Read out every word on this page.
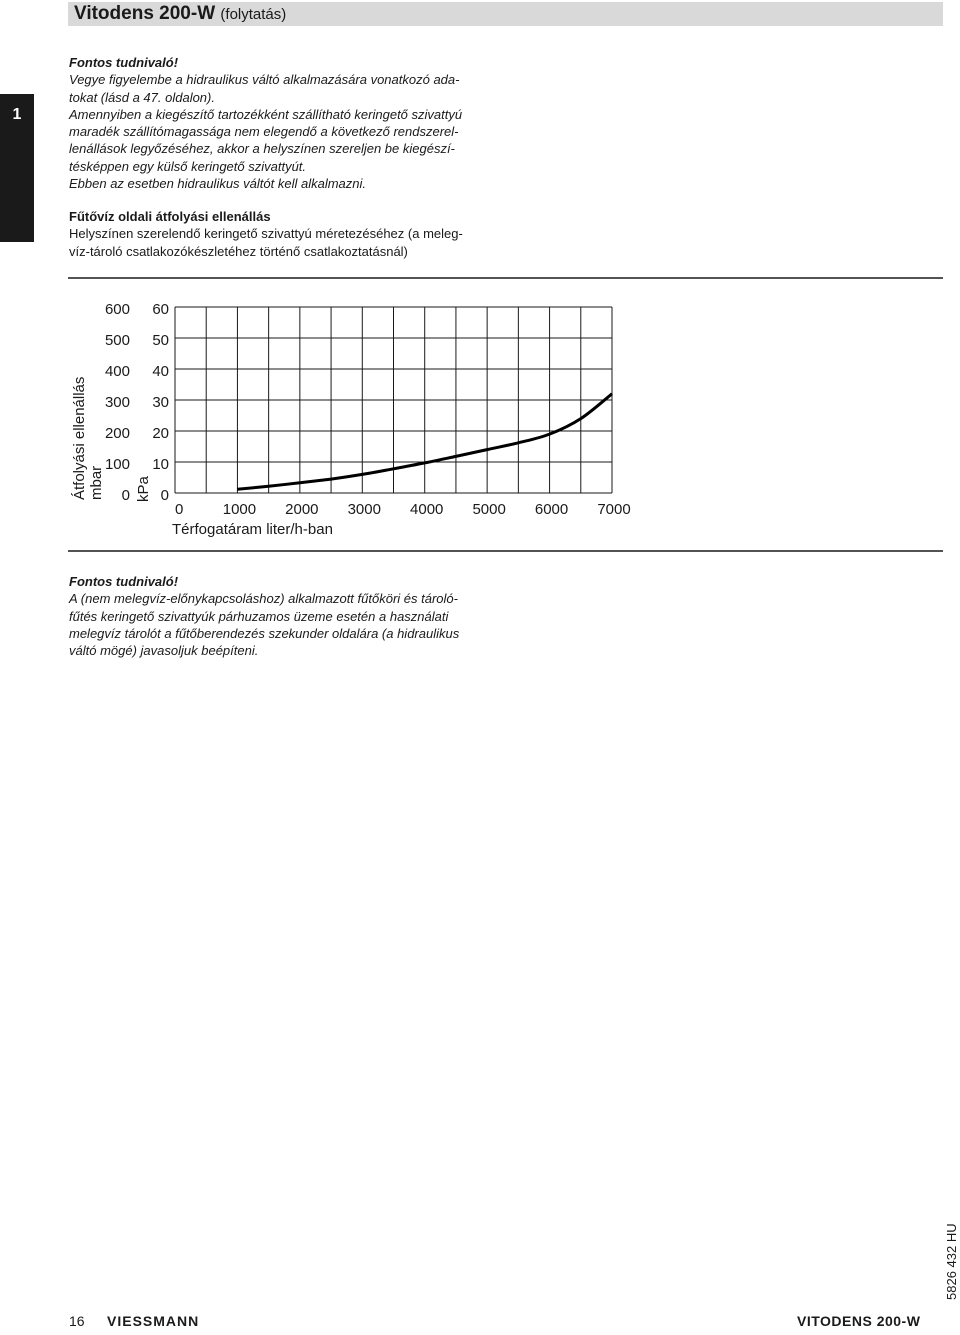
Vitodens 200-W (folytatás)
1
Fontos tudnivaló!
Vegye figyelembe a hidraulikus váltó alkalmazására vonatkozó ada-
tokat (lásd a 47. oldalon).
Amennyiben a kiegészítő tartozékként szállítható keringető szivattyú
maradék szállítómagassága nem elegendő a következő rendszerel-
lenállások legyőzéséhez, akkor a helyszínen szereljen be kiegészí-
tésképpen egy külső keringető szivattyút.
Ebben az esetben hidraulikus váltót kell alkalmazni.
Fűtővíz oldali átfolyási ellenállás
Helyszínen szerelendő keringető szivattyú méretezéséhez (a meleg-
víz-tároló csatlakozókészletéhez történő csatlakoztatásnál)
0	1000 2000 3000 4000 5000 6000 7000
0
100
200
300
400
500
600
0
10
20
30
40
50
60
Átfolyási ellenállás mbar kPa
Térfogatáram liter/h-ban
Fontos tudnivaló!
A (nem melegvíz-előnykapcsoláshoz) alkalmazott fűtőköri és tároló-
fűtés keringető szivattyúk párhuzamos üzeme esetén a használati
melegvíz tárolót a fűtőberendezés szekunder oldalára (a hidraulikus
váltó mögé) javasoljuk beépíteni.
16 VIESSMANN	VITODENS 200-W
5826 432 HU
